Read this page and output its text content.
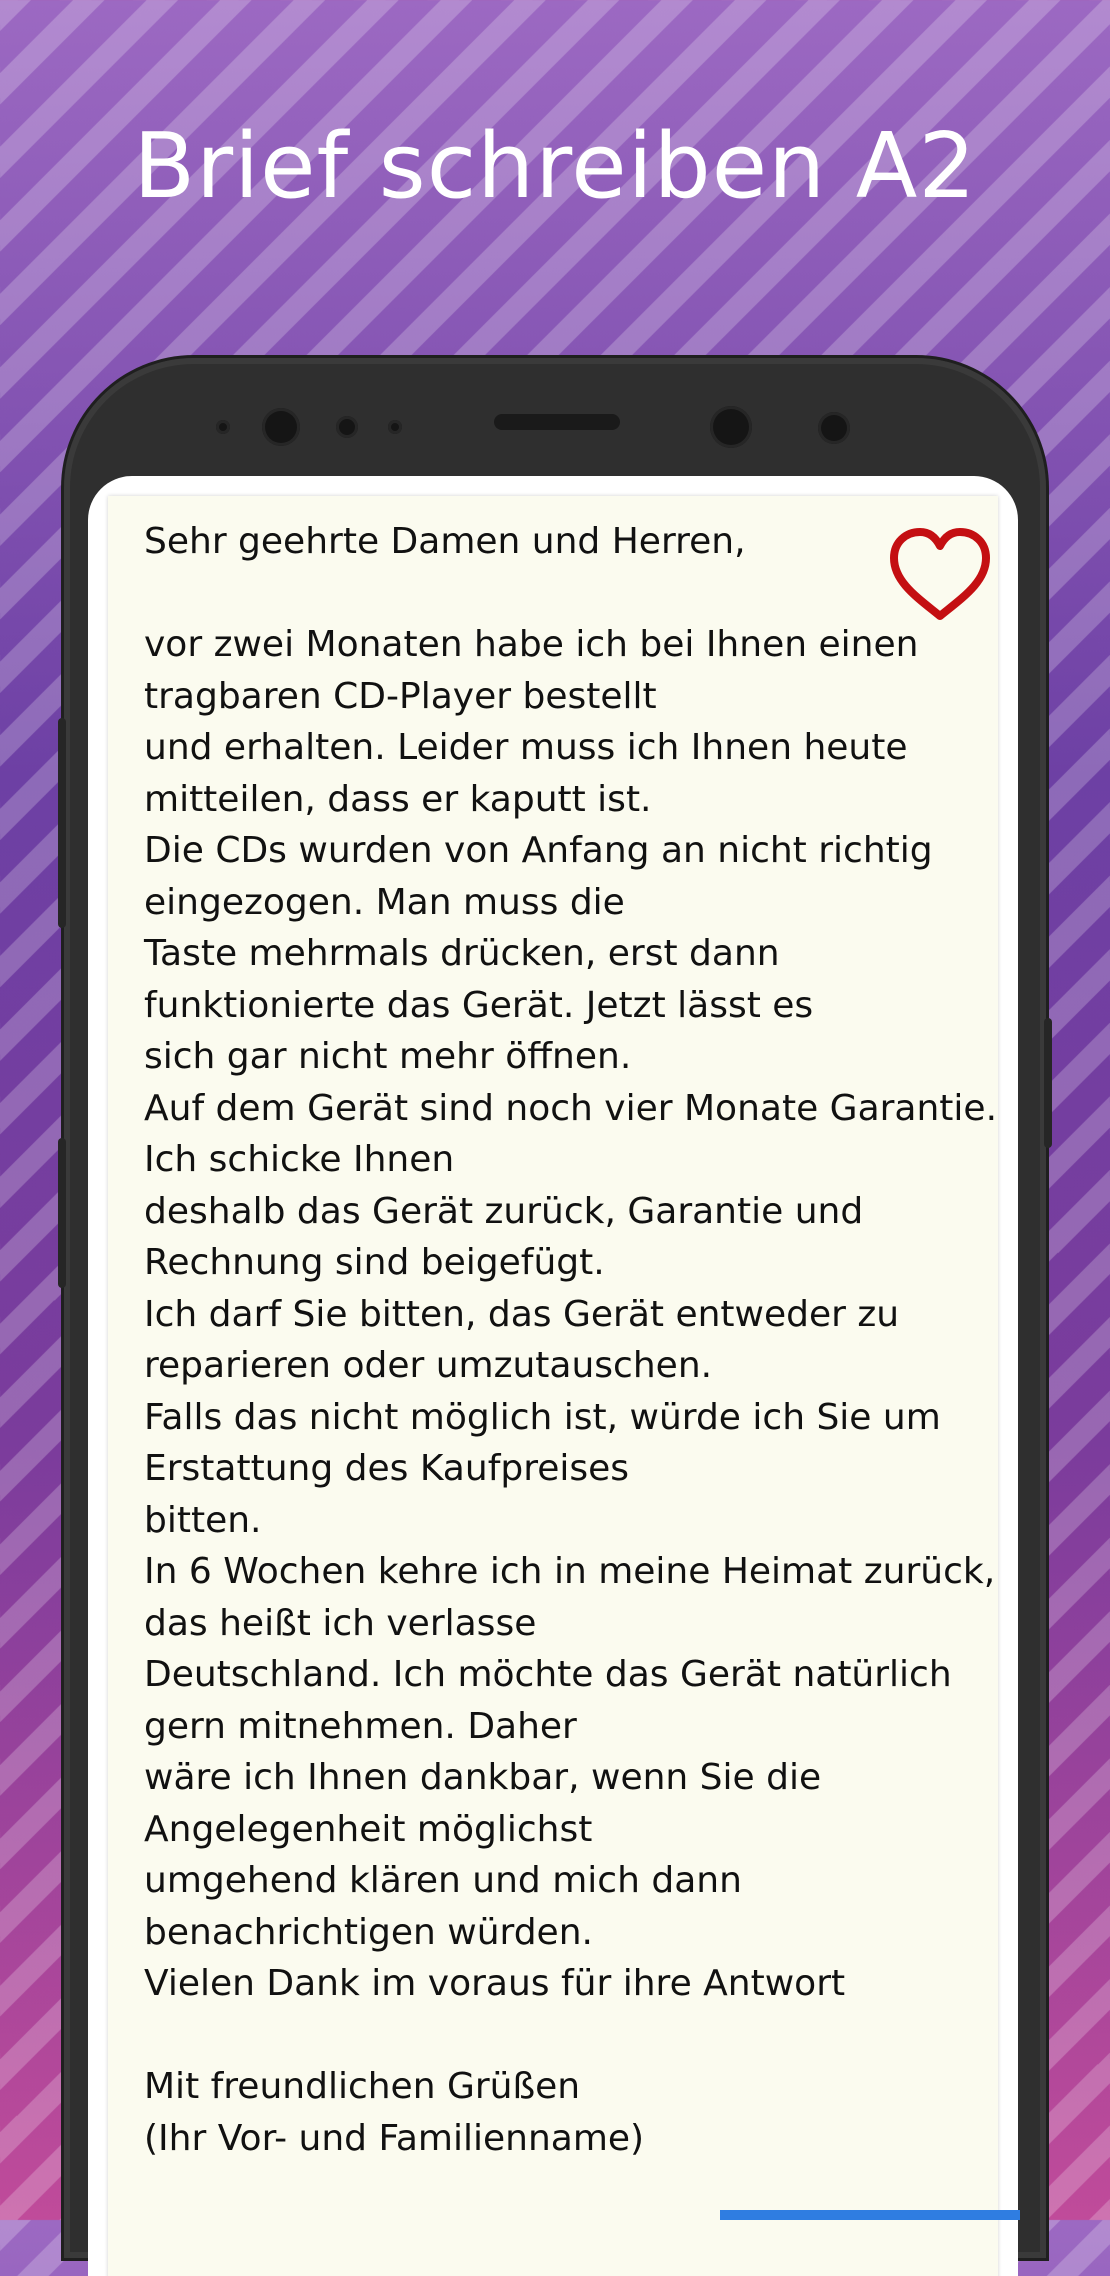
Brief schreiben A2

Sehr geehrte Damen und Herren,

vor zwei Monaten habe ich bei Ihnen einen tragbaren CD-Player bestellt
und erhalten. Leider muss ich Ihnen heute mitteilen, dass er kaputt ist.
Die CDs wurden von Anfang an nicht richtig eingezogen. Man muss die
Taste mehrmals drücken, erst dann funktionierte das Gerät. Jetzt lässt es
sich gar nicht mehr öffnen.
Auf dem Gerät sind noch vier Monate Garantie. Ich schicke Ihnen
deshalb das Gerät zurück, Garantie und Rechnung sind beigefügt.
Ich darf Sie bitten, das Gerät entweder zu reparieren oder umzutauschen.
Falls das nicht möglich ist, würde ich Sie um Erstattung des Kaufpreises
bitten.
In 6 Wochen kehre ich in meine Heimat zurück, das heißt ich verlasse
Deutschland. Ich möchte das Gerät natürlich gern mitnehmen. Daher
wäre ich Ihnen dankbar, wenn Sie die Angelegenheit möglichst
umgehend klären und mich dann benachrichtigen würden.
Vielen Dank im voraus für ihre Antwort

Mit freundlichen Grüßen
(Ihr Vor- und Familienname)
